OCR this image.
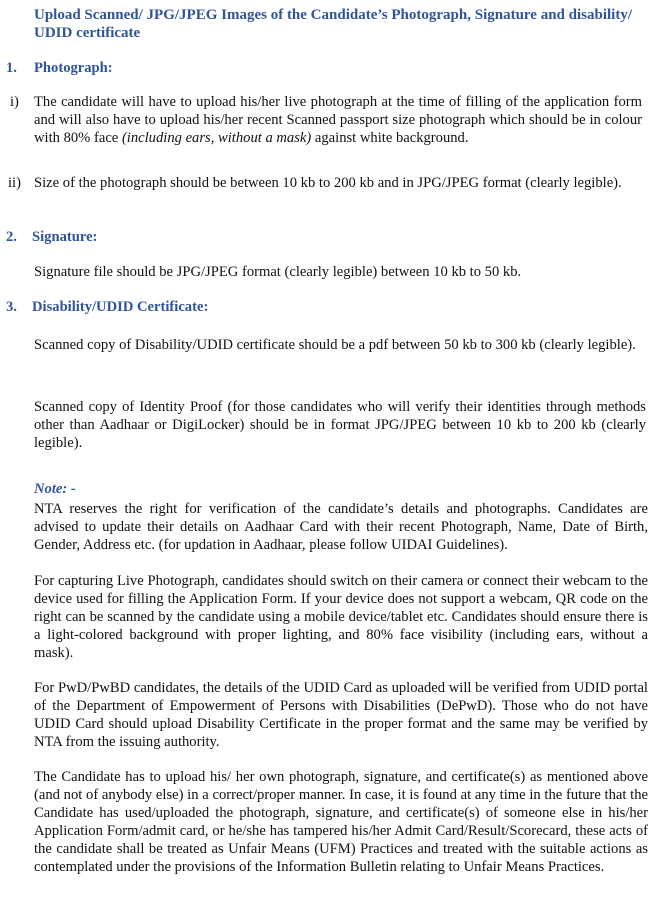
Upload Scanned/ JPG/JPEG Images of the Candidate’s Photograph, Signature and disability/ UDID certificate
1. Photograph:
i) The candidate will have to upload his/her live photograph at the time of filling of the application form and will also have to upload his/her recent Scanned passport size photograph which should be in colour with 80% face (including ears, without a mask) against white background.
ii) Size of the photograph should be between 10 kb to 200 kb and in JPG/JPEG format (clearly legible).
2. Signature:
Signature file should be JPG/JPEG format (clearly legible) between 10 kb to 50 kb.
3. Disability/UDID Certificate:
Scanned copy of Disability/UDID certificate should be a pdf between 50 kb to 300 kb (clearly legible).
Scanned copy of Identity Proof (for those candidates who will verify their identities through methods other than Aadhaar or DigiLocker) should be in format JPG/JPEG between 10 kb to 200 kb (clearly legible).
Note: -
NTA reserves the right for verification of the candidate’s details and photographs. Candidates are advised to update their details on Aadhaar Card with their recent Photograph, Name, Date of Birth, Gender, Address etc. (for updation in Aadhaar, please follow UIDAI Guidelines).
For capturing Live Photograph, candidates should switch on their camera or connect their webcam to the device used for filling the Application Form. If your device does not support a webcam, QR code on the right can be scanned by the candidate using a mobile device/tablet etc. Candidates should ensure there is a light-colored background with proper lighting, and 80% face visibility (including ears, without a mask).
For PwD/PwBD candidates, the details of the UDID Card as uploaded will be verified from UDID portal of the Department of Empowerment of Persons with Disabilities (DePwD). Those who do not have UDID Card should upload Disability Certificate in the proper format and the same may be verified by NTA from the issuing authority.
The Candidate has to upload his/ her own photograph, signature, and certificate(s) as mentioned above (and not of anybody else) in a correct/proper manner. In case, it is found at any time in the future that the Candidate has used/uploaded the photograph, signature, and certificate(s) of someone else in his/her Application Form/admit card, or he/she has tampered his/her Admit Card/Result/Scorecard, these acts of the candidate shall be treated as Unfair Means (UFM) Practices and treated with the suitable actions as contemplated under the provisions of the Information Bulletin relating to Unfair Means Practices.
